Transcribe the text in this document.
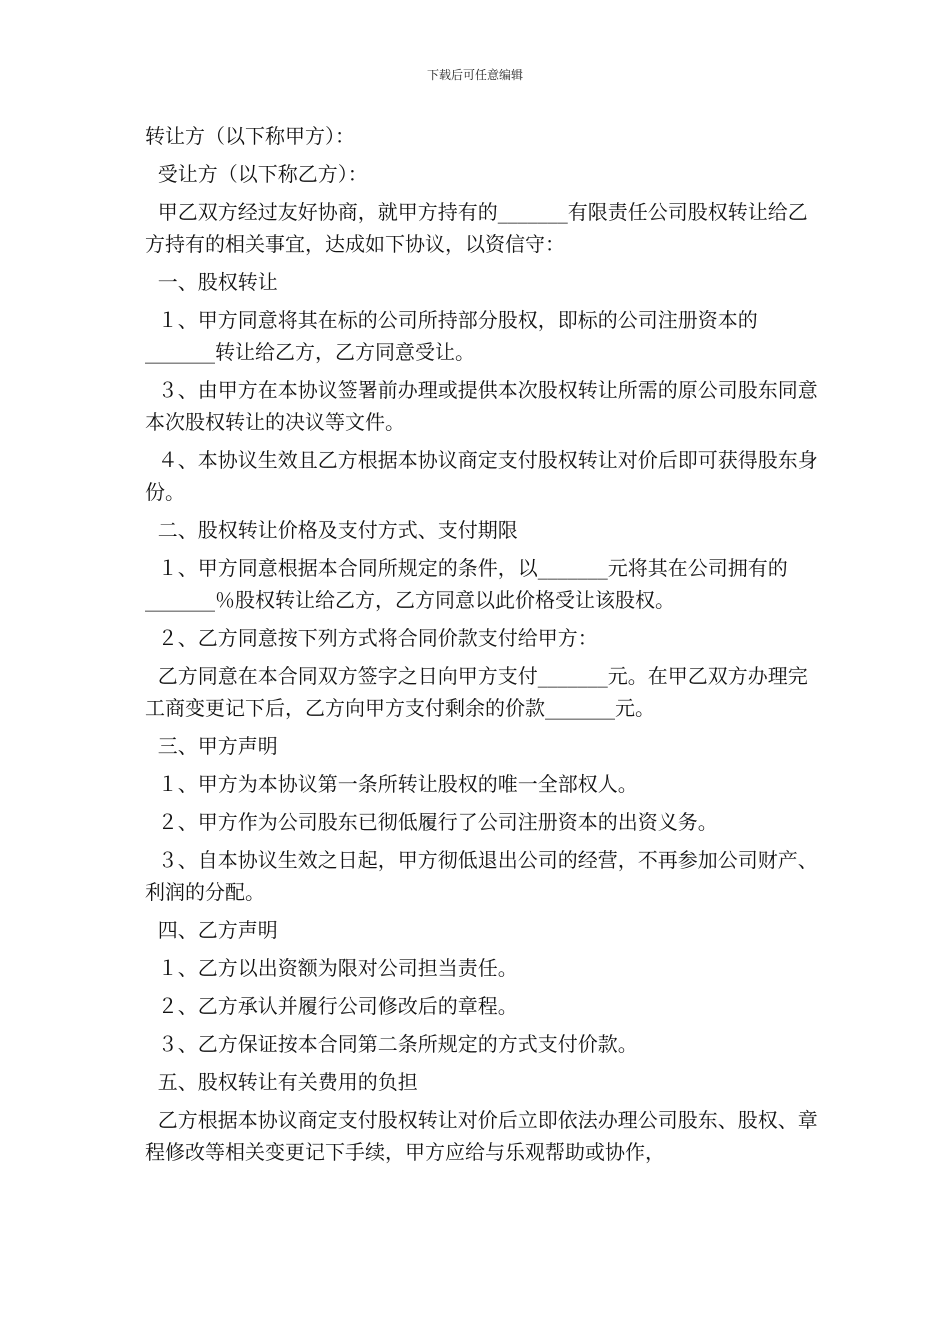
下载后可任意编辑

转让方（以下称甲方）：

受让方（以下称乙方）：

甲乙双方经过友好协商，就甲方持有的_______有限责任公司股权转让给乙方持有的相关事宜，达成如下协议，以资信守：

一、股权转让

１、甲方同意将其在标的公司所持部分股权，即标的公司注册资本的_______转让给乙方，乙方同意受让。

３、由甲方在本协议签署前办理或提供本次股权转让所需的原公司股东同意本次股权转让的决议等文件。

４、本协议生效且乙方根据本协议商定支付股权转让对价后即可获得股东身份。

二、股权转让价格及支付方式、支付期限

１、甲方同意根据本合同所规定的条件，以_______元将其在公司拥有的_______％股权转让给乙方，乙方同意以此价格受让该股权。

２、乙方同意按下列方式将合同价款支付给甲方：

乙方同意在本合同双方签字之日向甲方支付_______元。在甲乙双方办理完工商变更记下后，乙方向甲方支付剩余的价款_______元。

三、甲方声明

１、甲方为本协议第一条所转让股权的唯一全部权人。

２、甲方作为公司股东已彻低履行了公司注册资本的出资义务。

３、自本协议生效之日起，甲方彻低退出公司的经营，不再参加公司财产、利润的分配。

四、乙方声明

１、乙方以出资额为限对公司担当责任。

２、乙方承认并履行公司修改后的章程。

３、乙方保证按本合同第二条所规定的方式支付价款。

五、股权转让有关费用的负担

乙方根据本协议商定支付股权转让对价后立即依法办理公司股东、股权、章程修改等相关变更记下手续，甲方应给与乐观帮助或协作，
